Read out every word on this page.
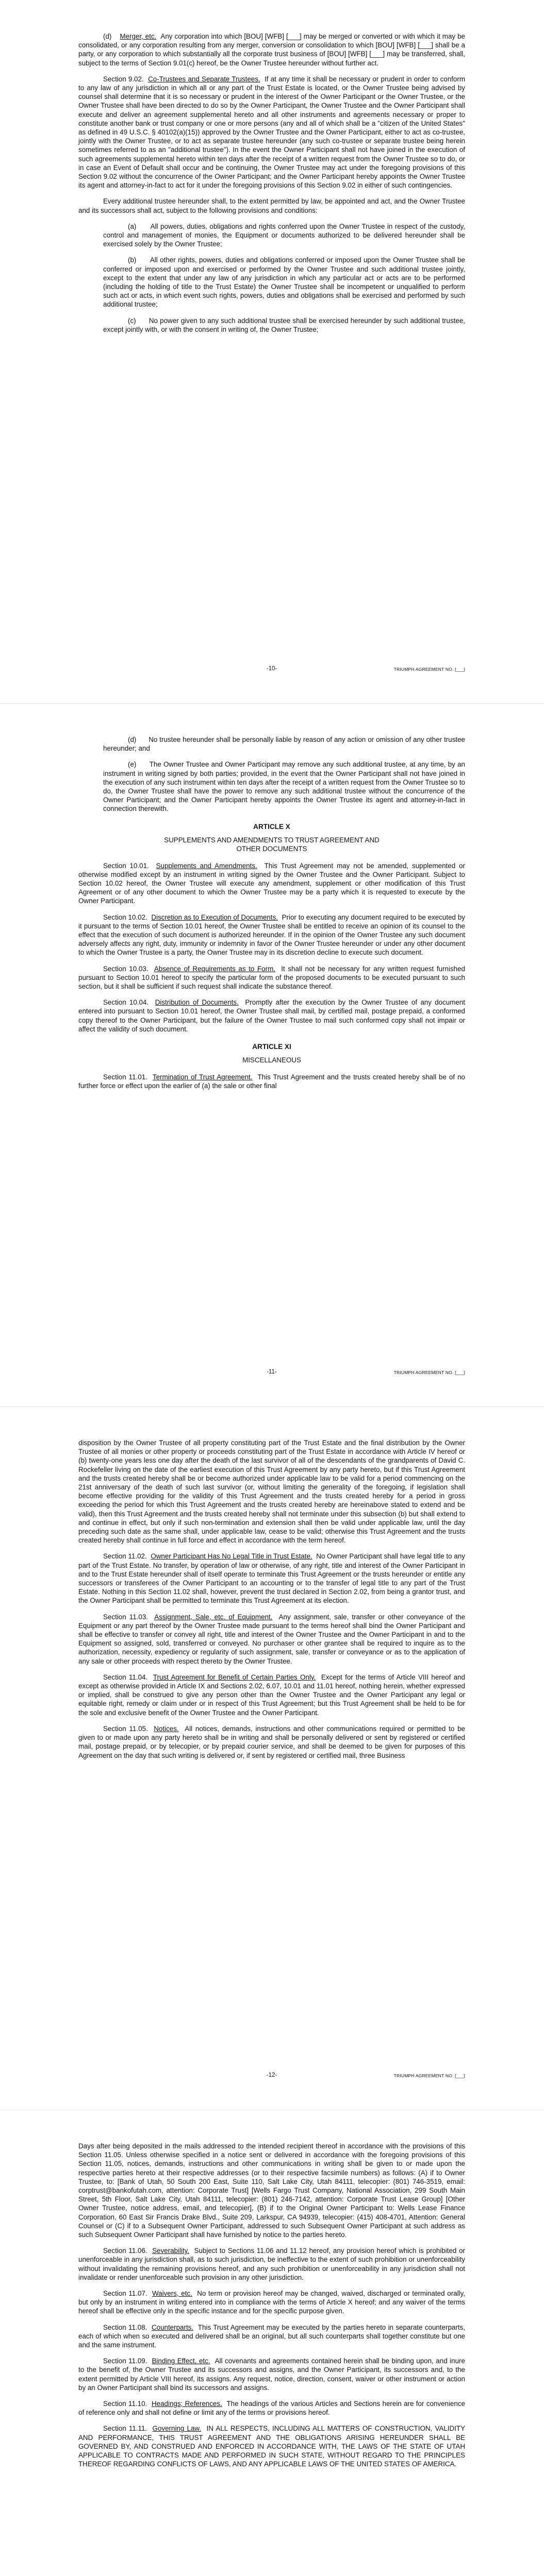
(d) Merger, etc. Any corporation into which [BOU] [WFB] [___] may be merged or converted or with which it may be consolidated, or any corporation resulting from any merger, conversion or consolidation to which [BOU] [WFB] [___] shall be a party, or any corporation to which substantially all the corporate trust business of [BOU] [WFB] [___] may be transferred, shall, subject to the terms of Section 9.01(c) hereof, be the Owner Trustee hereunder without further act.

Section 9.02. Co-Trustees and Separate Trustees. If at any time it shall be necessary or prudent in order to conform to any law of any jurisdiction in which all or any part of the Trust Estate is located, or the Owner Trustee being advised by counsel shall determine that it is so necessary or prudent in the interest of the Owner Participant or the Owner Trustee, or the Owner Trustee shall have been directed to do so by the Owner Participant, the Owner Trustee and the Owner Participant shall execute and deliver an agreement supplemental hereto and all other instruments and agreements necessary or proper to constitute another bank or trust company or one or more persons (any and all of which shall be a "citizen of the United States" as defined in 49 U.S.C. § 40102(a)(15)) approved by the Owner Trustee and the Owner Participant, either to act as co-trustee, jointly with the Owner Trustee, or to act as separate trustee hereunder (any such co-trustee or separate trustee being herein sometimes referred to as an "additional trustee"). In the event the Owner Participant shall not have joined in the execution of such agreements supplemental hereto within ten days after the receipt of a written request from the Owner Trustee so to do, or in case an Event of Default shall occur and be continuing, the Owner Trustee may act under the foregoing provisions of this Section 9.02 without the concurrence of the Owner Participant; and the Owner Participant hereby appoints the Owner Trustee its agent and attorney-in-fact to act for it under the foregoing provisions of this Section 9.02 in either of such contingencies.

Every additional trustee hereunder shall, to the extent permitted by law, be appointed and act, and the Owner Trustee and its successors shall act, subject to the following provisions and conditions:

(a) All powers, duties, obligations and rights conferred upon the Owner Trustee in respect of the custody, control and management of monies, the Equipment or documents authorized to be delivered hereunder shall be exercised solely by the Owner Trustee;

(b) All other rights, powers, duties and obligations conferred or imposed upon the Owner Trustee shall be conferred or imposed upon and exercised or performed by the Owner Trustee and such additional trustee jointly, except to the extent that under any law of any jurisdiction in which any particular act or acts are to be performed (including the holding of title to the Trust Estate) the Owner Trustee shall be incompetent or unqualified to perform such act or acts, in which event such rights, powers, duties and obligations shall be exercised and performed by such additional trustee;

(c) No power given to any such additional trustee shall be exercised hereunder by such additional trustee, except jointly with, or with the consent in writing of, the Owner Trustee;

-10-	TRIUMPH AGREEMENT NO. [___]

(d) No trustee hereunder shall be personally liable by reason of any action or omission of any other trustee hereunder; and

(e) The Owner Trustee and Owner Participant may remove any such additional trustee, at any time, by an instrument in writing signed by both parties; provided, in the event that the Owner Participant shall not have joined in the execution of any such instrument within ten days after the receipt of a written request from the Owner Trustee so to do, the Owner Trustee shall have the power to remove any such additional trustee without the concurrence of the Owner Participant; and the Owner Participant hereby appoints the Owner Trustee its agent and attorney-in-fact in connection therewith.

ARTICLE X
SUPPLEMENTS AND AMENDMENTS TO TRUST AGREEMENT AND OTHER DOCUMENTS

Section 10.01. Supplements and Amendments. This Trust Agreement may not be amended, supplemented or otherwise modified except by an instrument in writing signed by the Owner Trustee and the Owner Participant. Subject to Section 10.02 hereof, the Owner Trustee will execute any amendment, supplement or other modification of this Trust Agreement or of any other document to which the Owner Trustee may be a party which it is requested to execute by the Owner Participant.

Section 10.02. Discretion as to Execution of Documents. Prior to executing any document required to be executed by it pursuant to the terms of Section 10.01 hereof, the Owner Trustee shall be entitled to receive an opinion of its counsel to the effect that the execution of such document is authorized hereunder. If in the opinion of the Owner Trustee any such document adversely affects any right, duty, immunity or indemnity in favor of the Owner Trustee hereunder or under any other document to which the Owner Trustee is a party, the Owner Trustee may in its discretion decline to execute such document.

Section 10.03. Absence of Requirements as to Form. It shall not be necessary for any written request furnished pursuant to Section 10.01 hereof to specify the particular form of the proposed documents to be executed pursuant to such section, but it shall be sufficient if such request shall indicate the substance thereof.

Section 10.04. Distribution of Documents. Promptly after the execution by the Owner Trustee of any document entered into pursuant to Section 10.01 hereof, the Owner Trustee shall mail, by certified mail, postage prepaid, a conformed copy thereof to the Owner Participant, but the failure of the Owner Trustee to mail such conformed copy shall not impair or affect the validity of such document.

ARTICLE XI
MISCELLANEOUS

Section 11.01. Termination of Trust Agreement. This Trust Agreement and the trusts created hereby shall be of no further force or effect upon the earlier of (a) the sale or other final

-11-	TRIUMPH AGREEMENT NO. [___]

disposition by the Owner Trustee of all property constituting part of the Trust Estate and the final distribution by the Owner Trustee of all monies or other property or proceeds constituting part of the Trust Estate in accordance with Article IV hereof or (b) twenty-one years less one day after the death of the last survivor of all of the descendants of the grandparents of David C. Rockefeller living on the date of the earliest execution of this Trust Agreement by any party hereto, but if this Trust Agreement and the trusts created hereby shall be or become authorized under applicable law to be valid for a period commencing on the 21st anniversary of the death of such last survivor (or, without limiting the generality of the foregoing, if legislation shall become effective providing for the validity of this Trust Agreement and the trusts created hereby for a period in gross exceeding the period for which this Trust Agreement and the trusts created hereby are hereinabove stated to extend and be valid), then this Trust Agreement and the trusts created hereby shall not terminate under this subsection (b) but shall extend to and continue in effect, but only if such non-termination and extension shall then be valid under applicable law, until the day preceding such date as the same shall, under applicable law, cease to be valid; otherwise this Trust Agreement and the trusts created hereby shall continue in full force and effect in accordance with the term hereof.

Section 11.02. Owner Participant Has No Legal Title in Trust Estate. No Owner Participant shall have legal title to any part of the Trust Estate. No transfer, by operation of law or otherwise, of any right, title and interest of the Owner Participant in and to the Trust Estate hereunder shall of itself operate to terminate this Trust Agreement or the trusts hereunder or entitle any successors or transferees of the Owner Participant to an accounting or to the transfer of legal title to any part of the Trust Estate. Nothing in this Section 11.02 shall, however, prevent the trust declared in Section 2.02, from being a grantor trust, and the Owner Participant shall be permitted to terminate this Trust Agreement at its election.

Section 11.03. Assignment, Sale, etc. of Equipment. Any assignment, sale, transfer or other conveyance of the Equipment or any part thereof by the Owner Trustee made pursuant to the terms hereof shall bind the Owner Participant and shall be effective to transfer or convey all right, title and interest of the Owner Trustee and the Owner Participant in and to the Equipment so assigned, sold, transferred or conveyed. No purchaser or other grantee shall be required to inquire as to the authorization, necessity, expediency or regularity of such assignment, sale, transfer or conveyance or as to the application of any sale or other proceeds with respect thereto by the Owner Trustee.

Section 11.04. Trust Agreement for Benefit of Certain Parties Only. Except for the terms of Article VIII hereof and except as otherwise provided in Article IX and Sections 2.02, 6.07, 10.01 and 11.01 hereof, nothing herein, whether expressed or implied, shall be construed to give any person other than the Owner Trustee and the Owner Participant any legal or equitable right, remedy or claim under or in respect of this Trust Agreement; but this Trust Agreement shall be held to be for the sole and exclusive benefit of the Owner Trustee and the Owner Participant.

Section 11.05. Notices. All notices, demands, instructions and other communications required or permitted to be given to or made upon any party hereto shall be in writing and shall be personally delivered or sent by registered or certified mail, postage prepaid, or by telecopier, or by prepaid courier service, and shall be deemed to be given for purposes of this Agreement on the day that such writing is delivered or, if sent by registered or certified mail, three Business

-12-	TRIUMPH AGREEMENT NO. [___]

Days after being deposited in the mails addressed to the intended recipient thereof in accordance with the provisions of this Section 11.05. Unless otherwise specified in a notice sent or delivered in accordance with the foregoing provisions of this Section 11.05, notices, demands, instructions and other communications in writing shall be given to or made upon the respective parties hereto at their respective addresses (or to their respective facsimile numbers) as follows: (A) if to Owner Trustee, to: [Bank of Utah, 50 South 200 East, Suite 110, Salt Lake City, Utah 84111, telecopier: (801) 746-3519, email: corptrust@bankofutah.com, attention: Corporate Trust] [Wells Fargo Trust Company, National Association, 299 South Main Street, 5th Floor, Salt Lake City, Utah 84111, telecopier: (801) 246-7142, attention: Corporate Trust Lease Group] [Other Owner Trustee, notice address, email, and telecopier], (B) if to the Original Owner Participant to: Wells Lease Finance Corporation, 60 East Sir Francis Drake Blvd., Suite 209, Larkspur, CA 94939, telecopier: (415) 408-4701, Attention: General Counsel or (C) if to a Subsequent Owner Participant, addressed to such Subsequent Owner Participant at such address as such Subsequent Owner Participant shall have furnished by notice to the parties hereto.

Section 11.06. Severability. Subject to Sections 11.06 and 11.12 hereof, any provision hereof which is prohibited or unenforceable in any jurisdiction shall, as to such jurisdiction, be ineffective to the extent of such prohibition or unenforceability without invalidating the remaining provisions hereof, and any such prohibition or unenforceability in any jurisdiction shall not invalidate or render unenforceable such provision in any other jurisdiction.

Section 11.07. Waivers, etc. No term or provision hereof may be changed, waived, discharged or terminated orally, but only by an instrument in writing entered into in compliance with the terms of Article X hereof; and any waiver of the terms hereof shall be effective only in the specific instance and for the specific purpose given.

Section 11.08. Counterparts. This Trust Agreement may be executed by the parties hereto in separate counterparts, each of which when so executed and delivered shall be an original, but all such counterparts shall together constitute but one and the same instrument.

Section 11.09. Binding Effect, etc. All covenants and agreements contained herein shall be binding upon, and inure to the benefit of, the Owner Trustee and its successors and assigns, and the Owner Participant, its successors and, to the extent permitted by Article VIII hereof, its assigns. Any request, notice, direction, consent, waiver or other instrument or action by an Owner Participant shall bind its successors and assigns.

Section 11.10. Headings; References. The headings of the various Articles and Sections herein are for convenience of reference only and shall not define or limit any of the terms or provisions hereof.

Section 11.11. Governing Law. IN ALL RESPECTS, INCLUDING ALL MATTERS OF CONSTRUCTION, VALIDITY AND PERFORMANCE, THIS TRUST AGREEMENT AND THE OBLIGATIONS ARISING HEREUNDER SHALL BE GOVERNED BY, AND CONSTRUED AND ENFORCED IN ACCORDANCE WITH, THE LAWS OF THE STATE OF UTAH APPLICABLE TO CONTRACTS MADE AND PERFORMED IN SUCH STATE, WITHOUT REGARD TO THE PRINCIPLES THEREOF REGARDING CONFLICTS OF LAWS, AND ANY APPLICABLE LAWS OF THE UNITED STATES OF AMERICA.
